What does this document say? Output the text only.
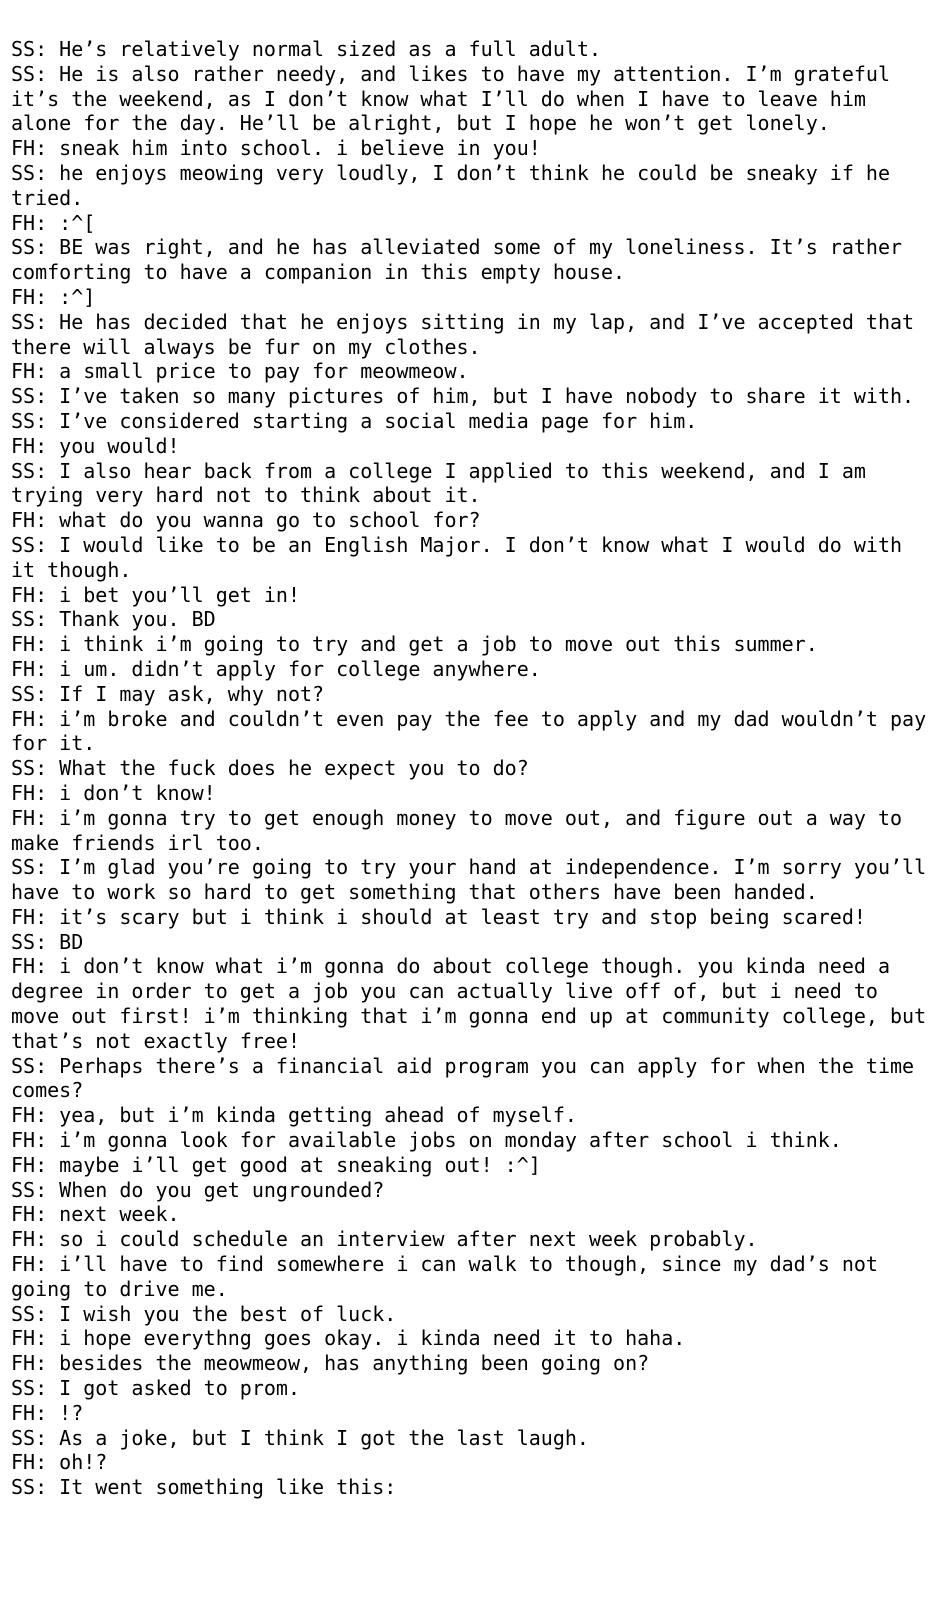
SS: He’s relatively normal sized as a full adult.
SS: He is also rather needy, and likes to have my attention. I’m grateful it’s the weekend, as I don’t know what I’ll do when I have to leave him alone for the day. He’ll be alright, but I hope he won’t get lonely.
FH: sneak him into school. i believe in you!
SS: he enjoys meowing very loudly, I don’t think he could be sneaky if he tried.
FH: :^[
SS: BE was right, and he has alleviated some of my loneliness. It’s rather comforting to have a companion in this empty house.
FH: :^]
SS: He has decided that he enjoys sitting in my lap, and I’ve accepted that there will always be fur on my clothes.
FH: a small price to pay for meowmeow.
SS: I’ve taken so many pictures of him, but I have nobody to share it with.
SS: I’ve considered starting a social media page for him.
FH: you would!
SS: I also hear back from a college I applied to this weekend, and I am trying very hard not to think about it.
FH: what do you wanna go to school for?
SS: I would like to be an English Major. I don’t know what I would do with it though.
FH: i bet you’ll get in!
SS: Thank you. BD
FH: i think i’m going to try and get a job to move out this summer.
FH: i um. didn’t apply for college anywhere.
SS: If I may ask, why not?
FH: i’m broke and couldn’t even pay the fee to apply and my dad wouldn’t pay for it.
SS: What the fuck does he expect you to do?
FH: i don’t know!
FH: i’m gonna try to get enough money to move out, and figure out a way to make friends irl too.
SS: I’m glad you’re going to try your hand at independence. I’m sorry you’ll have to work so hard to get something that others have been handed.
FH: it’s scary but i think i should at least try and stop being scared!
SS: BD
FH: i don’t know what i’m gonna do about college though. you kinda need a degree in order to get a job you can actually live off of, but i need to move out first! i’m thinking that i’m gonna end up at community college, but that’s not exactly free!
SS: Perhaps there’s a financial aid program you can apply for when the time comes?
FH: yea, but i’m kinda getting ahead of myself.
FH: i’m gonna look for available jobs on monday after school i think.
FH: maybe i’ll get good at sneaking out! :^]
SS: When do you get ungrounded?
FH: next week.
FH: so i could schedule an interview after next week probably.
FH: i’ll have to find somewhere i can walk to though, since my dad’s not going to drive me.
SS: I wish you the best of luck.
FH: i hope everythng goes okay. i kinda need it to haha.
FH: besides the meowmeow, has anything been going on?
SS: I got asked to prom.
FH: !?
SS: As a joke, but I think I got the last laugh.
FH: oh!?
SS: It went something like this:
